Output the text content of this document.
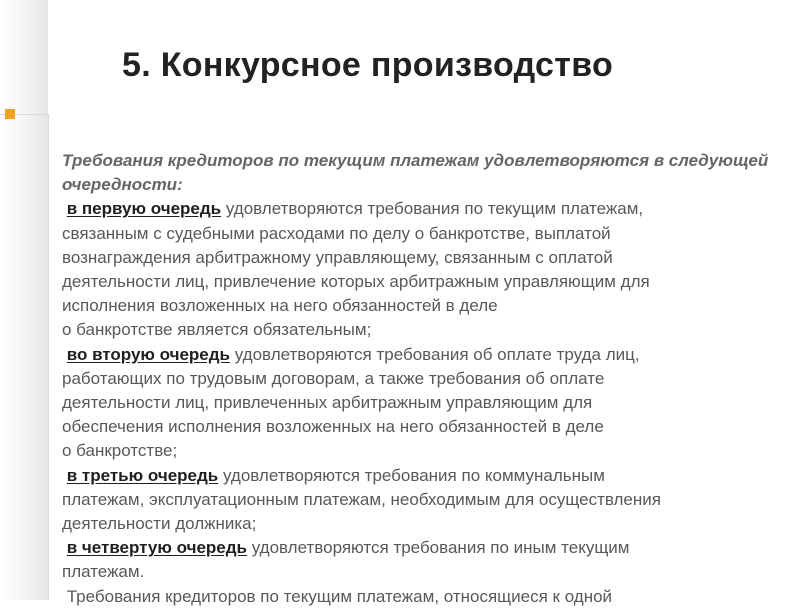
5. Конкурсное производство
Требования кредиторов по текущим платежам удовлетворяются в следующей очередности:
в первую очередь удовлетворяются требования по текущим платежам,
связанным с судебными расходами по делу о банкротстве, выплатой
вознаграждения арбитражному управляющему, связанным с оплатой
деятельности лиц, привлечение которых арбитражным управляющим для
исполнения возложенных на него обязанностей в деле
о банкротстве является обязательным;
во вторую очередь удовлетворяются требования об оплате труда лиц,
работающих по трудовым договорам, а также требования об оплате
деятельности лиц, привлеченных арбитражным управляющим для
обеспечения исполнения возложенных на него обязанностей в деле
о банкротстве;
в третью очередь удовлетворяются требования по коммунальным
платежам, эксплуатационным платежам, необходимым для осуществления
деятельности должника;
в четвертую очередь удовлетворяются требования по иным текущим
платежам.
Требования кредиторов по текущим платежам, относящиеся к одной
